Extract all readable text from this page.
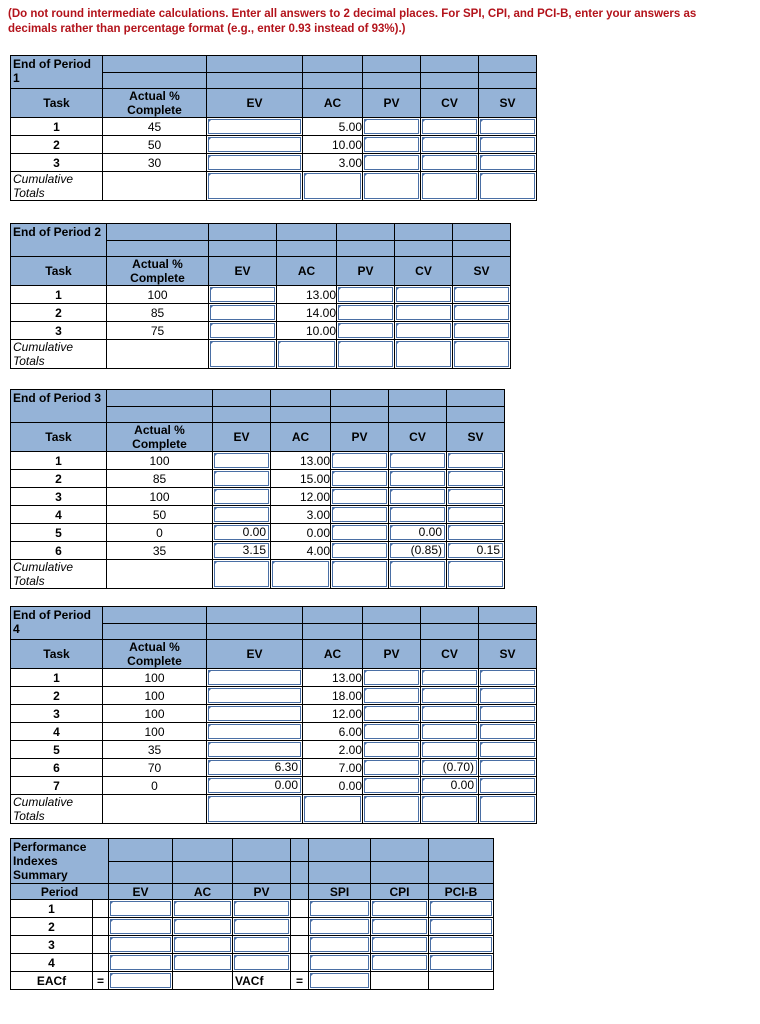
(Do not round intermediate calculations. Enter all answers to 2 decimal places. For SPI, CPI, and PCI-B, enter your answers as decimals rather than percentage format (e.g., enter 0.93 instead of 93%).)
End of Period 1						

Task	Actual % Complete	EV	AC	PV	CV	SV
1	45		5.00	

2	50		10.00	

3	30		3.00	

Cumulative Totals		

End of Period 2						

Task	Actual % Complete	EV	AC	PV	CV	SV
1	100		13.00	

2	85		14.00	

3	75		10.00	

Cumulative Totals		

End of Period 3						

Task	Actual % Complete	EV	AC	PV	CV	SV
1	100		13.00	

2	85		15.00	

3	100		12.00	

4	50		3.00	

5	0	0.00	0.00		0.00	

6	35	3.15	4.00		(0.85)	0.15

Cumulative Totals		

End of Period 4						

Task	Actual % Complete	EV	AC	PV	CV	SV
1	100		13.00	

2	100		18.00	

3	100		12.00	

4	100		6.00	

5	35		2.00	

6	70	6.30	7.00		(0.70)	

7	0	0.00	0.00		0.00	

Cumulative Totals		

Performance Indexes Summary								

Period		EV	AC	PV		SPI	CPI	PCI-B
1		

2		

3		

4		

EACf	=			VACf	=	
